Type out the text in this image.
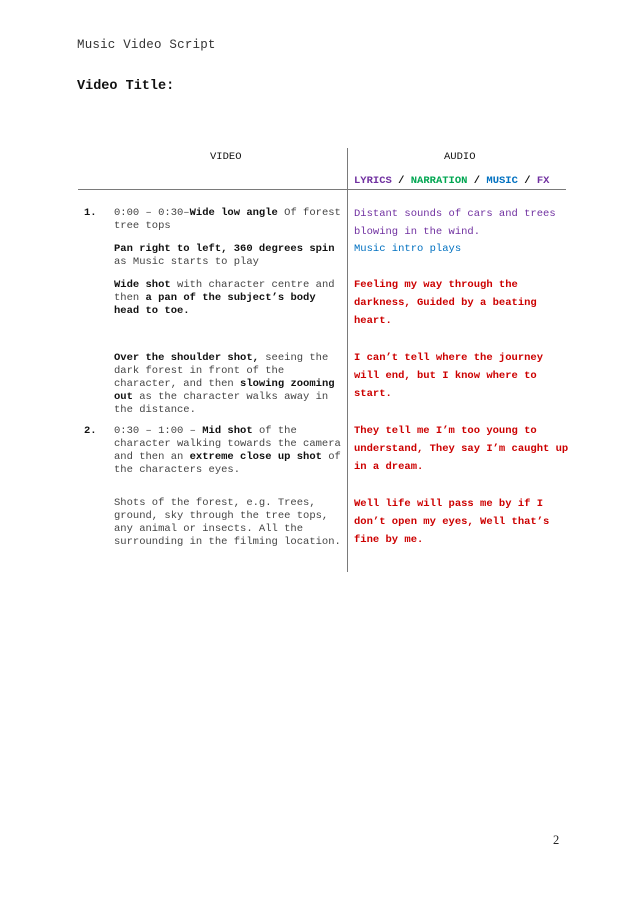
Music Video Script
Video Title:
VIDEO	AUDIO
LYRICS / NARRATION / MUSIC / FX
1.
2.
0:00 – 0:30–Wide low angle Of forest tree tops
Pan right to left, 360 degrees spin as Music starts to play
Wide shot with character centre and then a pan of the subject’s body head to toe.
Over the shoulder shot, seeing the dark forest in front of the character, and then slowing zooming out as the character walks away in the distance.
0:30 – 1:00 – Mid shot of the character walking towards the camera and then an extreme close up shot of the characters eyes.
Shots of the forest, e.g. Trees, ground, sky through the tree tops, any animal or insects. All the surrounding in the filming location.
Distant sounds of cars and trees blowing in the wind.
Music intro plays
Feeling my way through the darkness, Guided by a beating heart.
I can’t tell where the journey will end, but I know where to start.
They tell me I’m too young to understand, They say I’m caught up in a dream.
Well life will pass me by if I don’t open my eyes, Well that’s fine by me.
2
